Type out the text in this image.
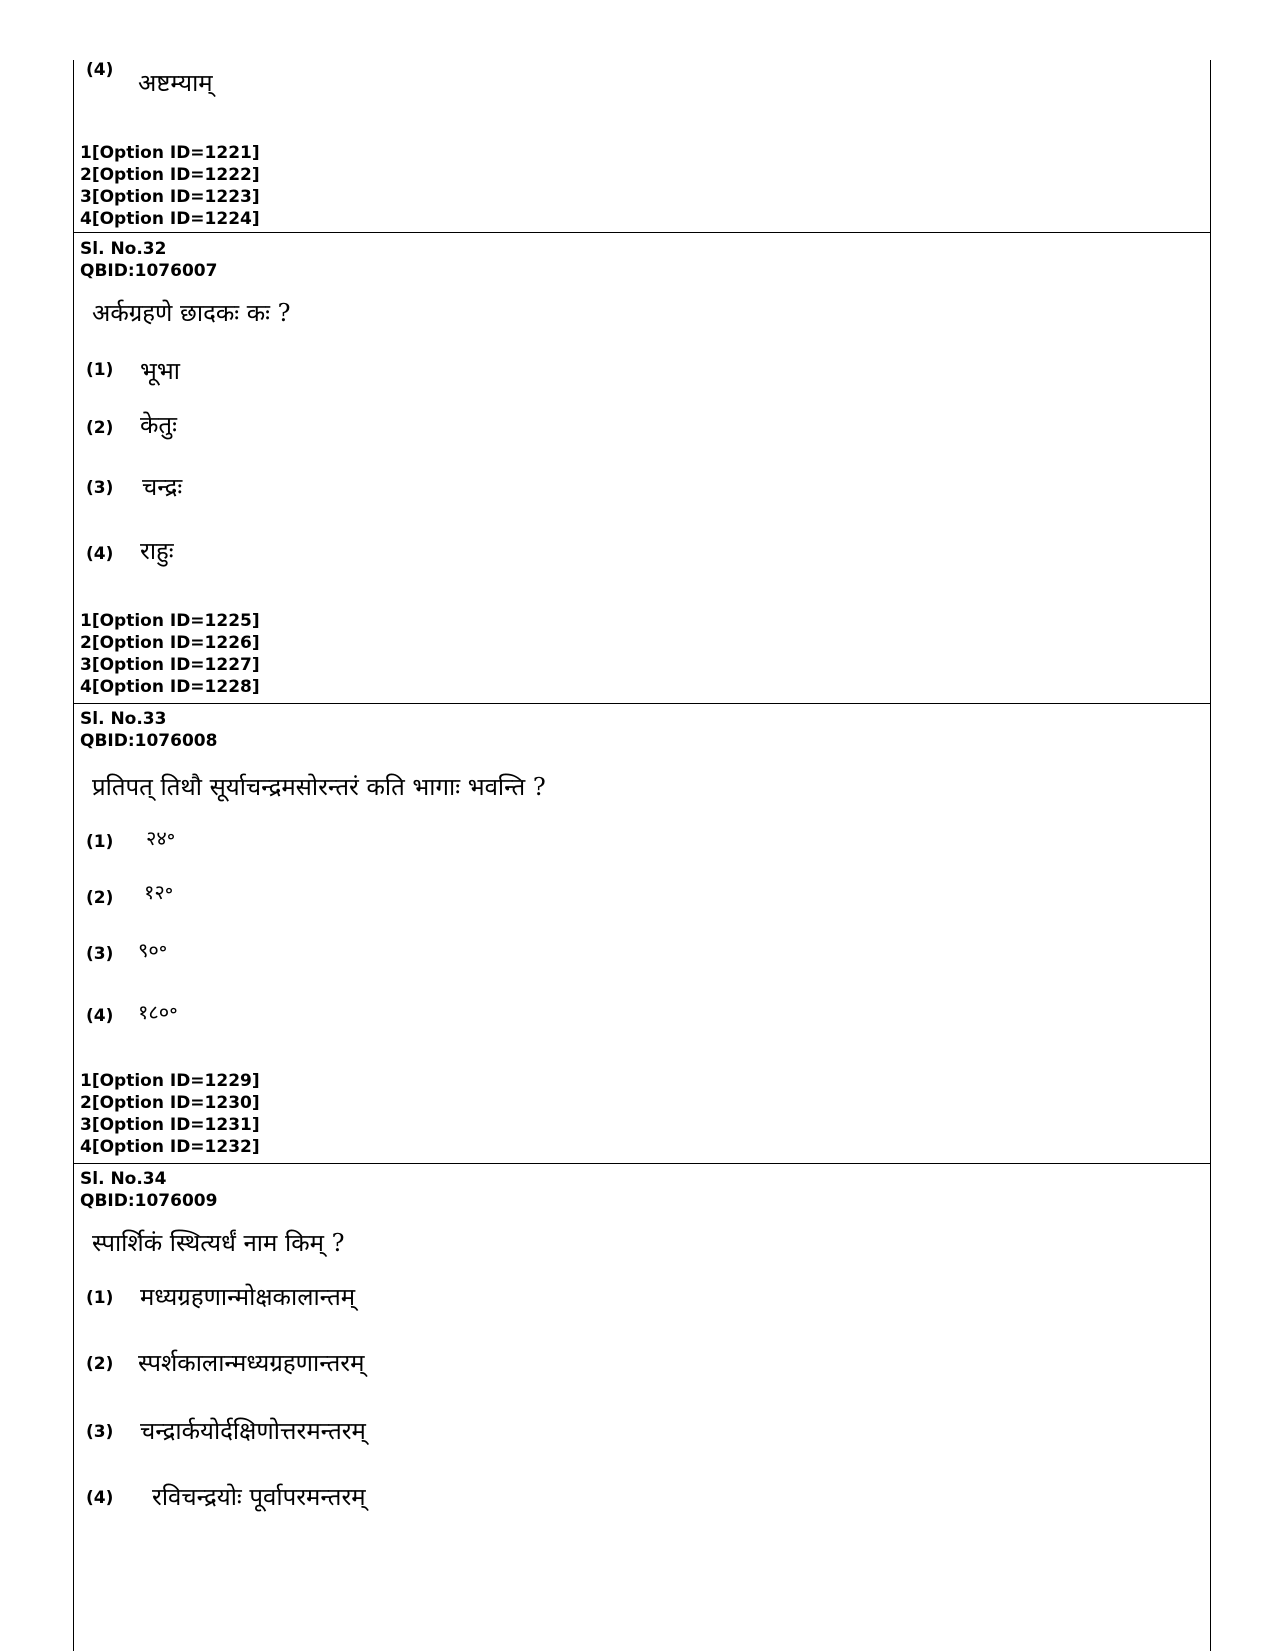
(4) अष्टम्याम्
1[Option ID=1221]
2[Option ID=1222]
3[Option ID=1223]
4[Option ID=1224]
Sl. No.32
QBID:1076007
अर्कग्रहणे छादकः कः ?
(1) भूभा
(2) केतुः
(3) चन्द्रः
(4) राहुः
1[Option ID=1225]
2[Option ID=1226]
3[Option ID=1227]
4[Option ID=1228]
Sl. No.33
QBID:1076008
प्रतिपत् तिथौ सूर्याचन्द्रमसोरन्तरं कति भागाः भवन्ति ?
(1) २४॰
(2) १२॰
(3) ९०॰
(4) १८०॰
1[Option ID=1229]
2[Option ID=1230]
3[Option ID=1231]
4[Option ID=1232]
Sl. No.34
QBID:1076009
स्पार्शिकं स्थित्यर्धं नाम किम् ?
(1) मध्यग्रहणान्मोक्षकालान्तम्
(2) स्पर्शकालान्मध्यग्रहणान्तरम्
(3) चन्द्रार्कयोर्दक्षिणोत्तरमन्तरम्
(4) रविचन्द्रयोः पूर्वापरमन्तरम्
